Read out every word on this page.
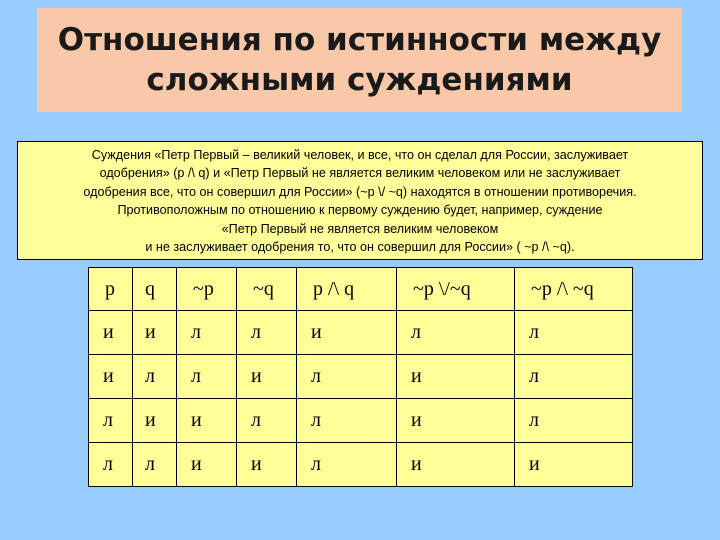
Отношения по истинности между
сложными суждениями
Суждения «Петр Первый – великий человек, и все, что он сделал для России, заслуживает
одобрения» (р /\ q) и «Петр Первый не является великим человеком или не заслуживает
одобрения все, что он совершил для России» (~р \/ ~q) находятся в отношении противоречия.
Противоположным по отношению к первому суждению будет, например, суждение
«Петр Первый не является великим человеком
и не заслуживает одобрения то, что он совершил для России» ( ~р /\ ~q).
p	q	~p	~q	p /\ q	~p \/~q	~p /\ ~q
и	и	л	л	и	л	л
и	л	л	и	л	и	л
л	и	и	л	л	и	л
л	л	и	и	л	и	и
